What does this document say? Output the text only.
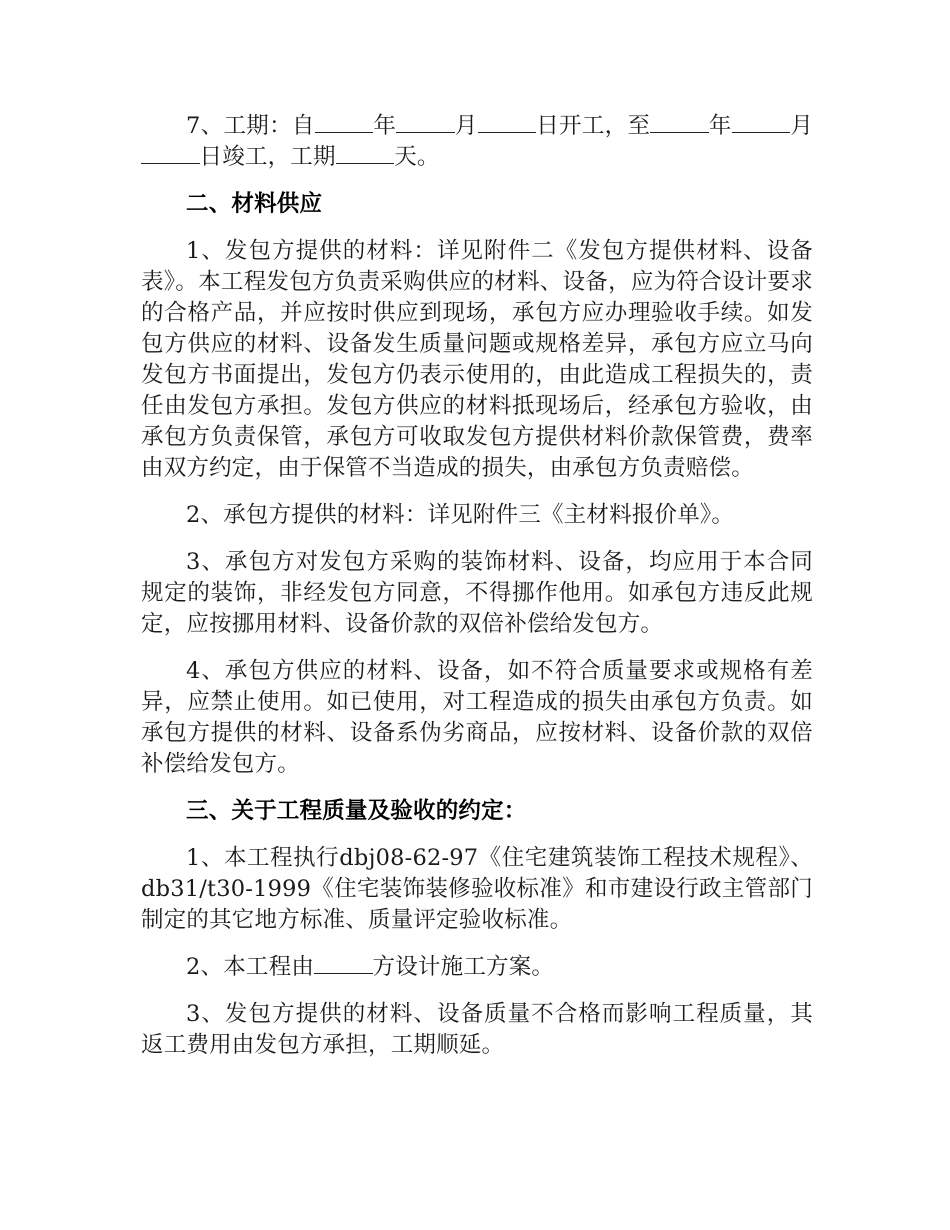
7、工期：自	年	月	日开工，至	年	月日竣工，工期	天。

二、材料供应

1、发包方提供的材料：详见附件二《发包方提供材料、设备表》。本工程发包方负责采购供应的材料、设备，应为符合设计要求的合格产品，并应按时供应到现场，承包方应办理验收手续。如发包方供应的材料、设备发生质量问题或规格差异，承包方应立马向发包方书面提出，发包方仍表示使用的，由此造成工程损失的，责任由发包方承担。发包方供应的材料抵现场后，经承包方验收，由承包方负责保管，承包方可收取发包方提供材料价款保管费，费率由双方约定，由于保管不当造成的损失，由承包方负责赔偿。

2、承包方提供的材料：详见附件三《主材料报价单》。

3、承包方对发包方采购的装饰材料、设备，均应用于本合同规定的装饰，非经发包方同意，不得挪作他用。如承包方违反此规定，应按挪用材料、设备价款的双倍补偿给发包方。

4、承包方供应的材料、设备，如不符合质量要求或规格有差异，应禁止使用。如已使用，对工程造成的损失由承包方负责。如承包方提供的材料、设备系伪劣商品，应按材料、设备价款的双倍补偿给发包方。

三、关于工程质量及验收的约定：

1、本工程执行dbj08-62-97《住宅建筑装饰工程技术规程》、db31/t30-1999《住宅装饰装修验收标准》和市建设行政主管部门制定的其它地方标准、质量评定验收标准。

2、本工程由	方设计施工方案。

3、发包方提供的材料、设备质量不合格而影响工程质量，其返工费用由发包方承担，工期顺延。
